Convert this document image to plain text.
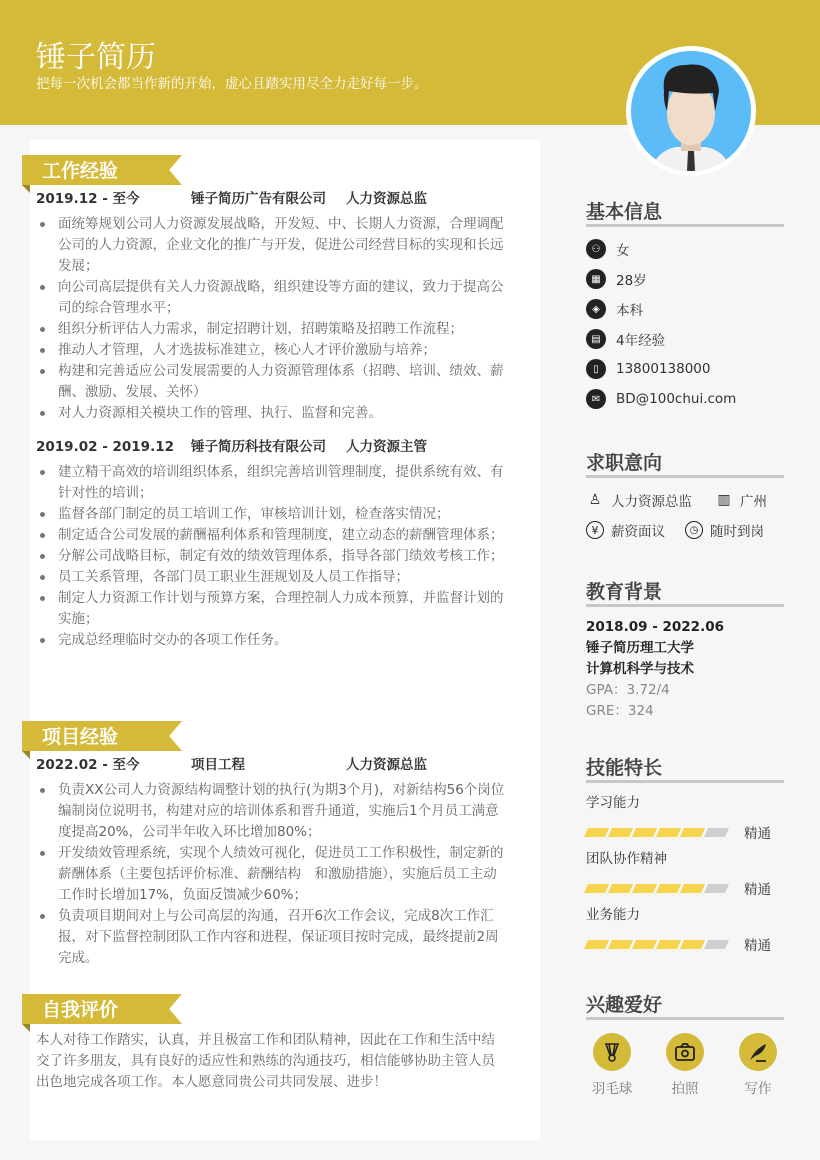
锤子简历
把每一次机会都当作新的开始，虚心且踏实用尽全力走好每一步。
工作经验
2019.12 - 至今	锤子简历广告有限公司 人力资源总监
面统筹规划公司人力资源发展战略，开发短、中、长期人力资源，合理调配公司的人力资源，企业文化的推广与开发，促进公司经营目标的实现和长远发展；
向公司高层提供有关人力资源战略，组织建设等方面的建议，致力于提高公司的综合管理水平；
组织分析评估人力需求，制定招聘计划，招聘策略及招聘工作流程；
推动人才管理，人才选拔标准建立，核心人才评价激励与培养；
构建和完善适应公司发展需要的人力资源管理体系（招聘、培训、绩效、薪酬、激励、发展、关怀）
对人力资源相关模块工作的管理、执行、监督和完善。
2019.02 - 2019.12 锤子简历科技有限公司 人力资源主管
建立精干高效的培训组织体系，组织完善培训管理制度，提供系统有效、有针对性的培训；
监督各部门制定的员工培训工作，审核培训计划，检查落实情况；
制定适合公司发展的薪酬福利体系和管理制度，建立动态的薪酬管理体系；
分解公司战略目标，制定有效的绩效管理体系，指导各部门绩效考核工作；
员工关系管理，各部门员工职业生涯规划及人员工作指导；
制定人力资源工作计划与预算方案，合理控制人力成本预算，并监督计划的实施；
完成总经理临时交办的各项工作任务。
项目经验
2022.02 - 至今	项目工程	人力资源总监
负责XX公司人力资源结构调整计划的执行(为期3个月)，对新结构56个岗位编制岗位说明书，构建对应的培训体系和晋升通道，实施后1个月员工满意度提高20%，公司半年收入环比增加80%；
开发绩效管理系统，实现个人绩效可视化，促进员工工作积极性，制定新的薪酬体系（主要包括评价标准、薪酬结构　和激励措施），实施后员工主动工作时长增加17%，负面反馈减少60%；
负责项目期间对上与公司高层的沟通，召开6次工作会议，完成8次工作汇报，对下监督控制团队工作内容和进程，保证项目按时完成，最终提前2周完成。
自我评价
本人对待工作踏实，认真，并且极富工作和团队精神，因此在工作和生活中结交了许多朋友，具有良好的适应性和熟练的沟通技巧，相信能够协助主管人员出色地完成各项工作。本人愿意同贵公司共同发展、进步！
基本信息
⚇	女
▦	28岁
◈	本科
▤	4年经验
▯	13800138000
✉	BD@100chui.com
求职意向
♙ 人力资源总监	▥ 广州
¥ 薪资面议	◷ 随时到岗
教育背景
2018.09 - 2022.06
锤子简历理工大学
计算机科学与技术
GPA：3.72/4
GRE：324
技能特长
学习能力
精通
团队协作精神
精通
业务能力
精通
兴趣爱好
羽毛球	拍照	写作
